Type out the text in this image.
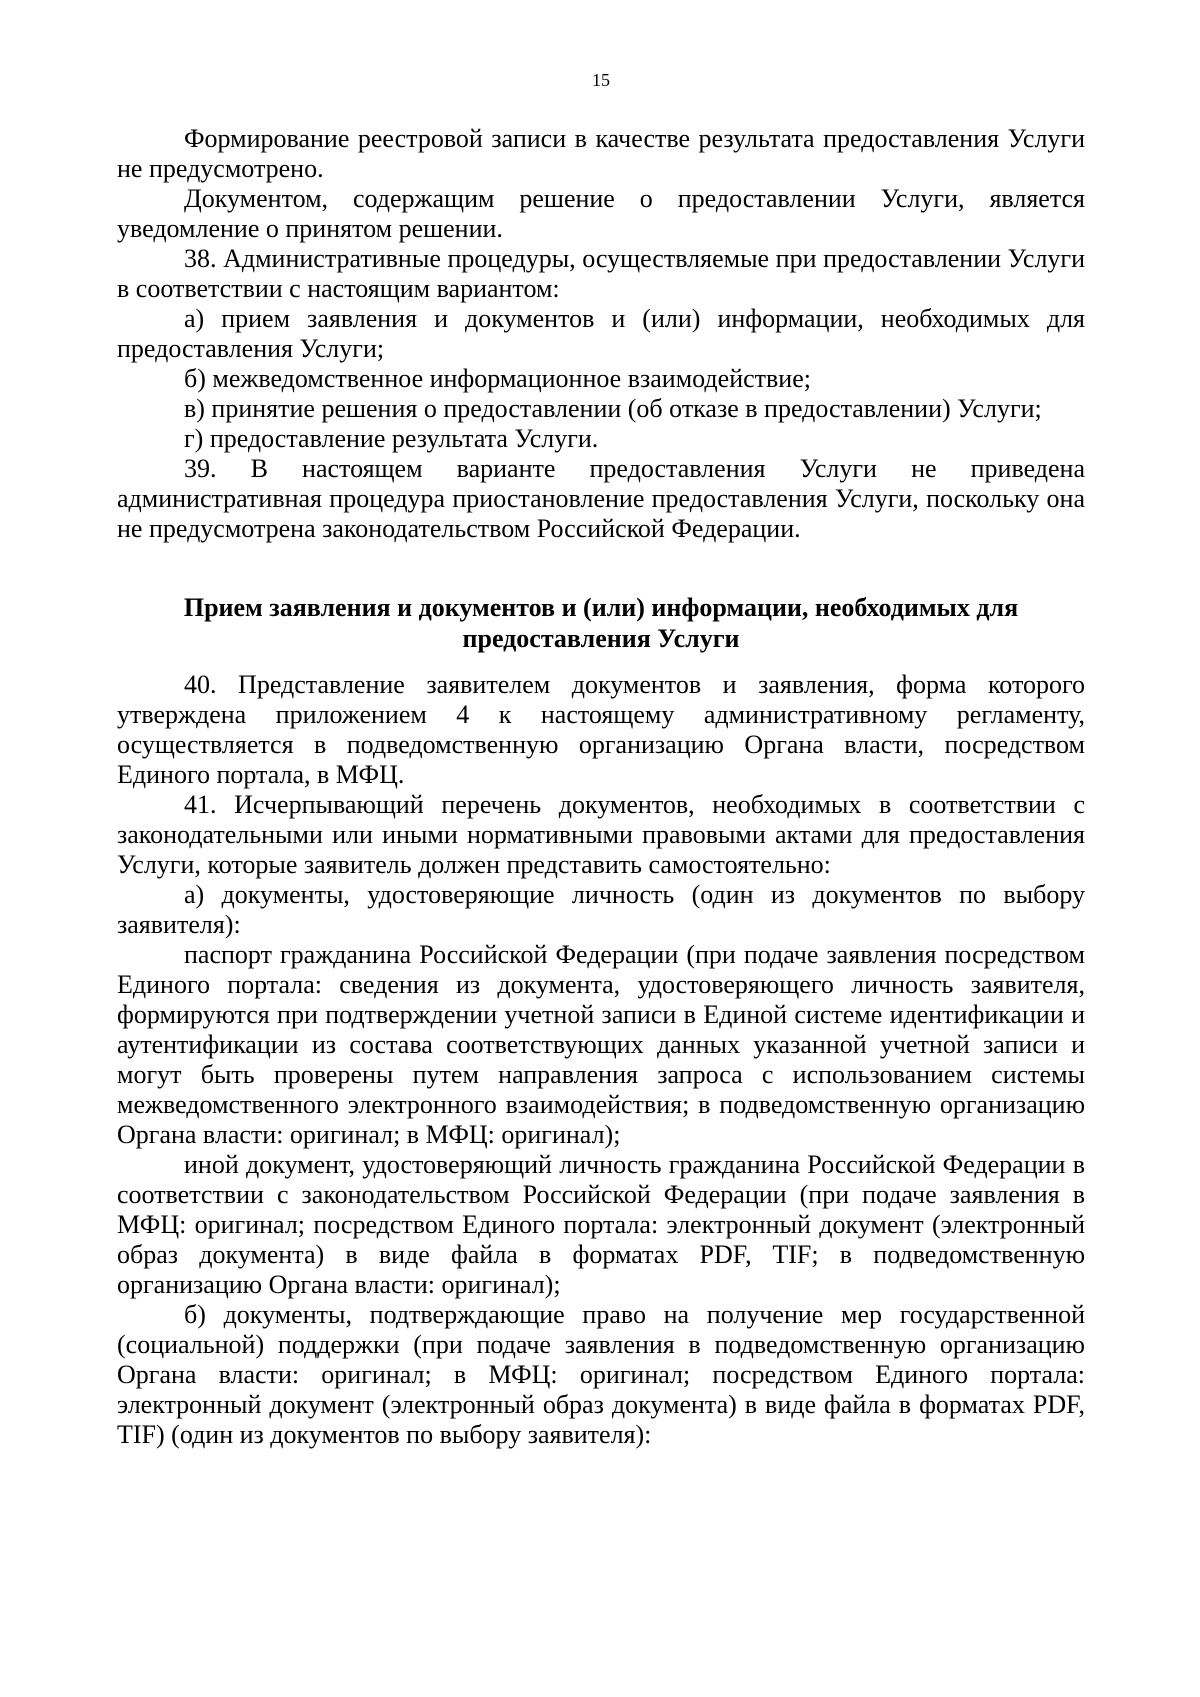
15

Формирование реестровой записи в качестве результата предоставления Услуги не предусмотрено.

Документом, содержащим решение о предоставлении Услуги, является уведомление о принятом решении.

38. Административные процедуры, осуществляемые при предоставлении Услуги в соответствии с настоящим вариантом:

а) прием заявления и документов и (или) информации, необходимых для предоставления Услуги;

б) межведомственное информационное взаимодействие;

в) принятие решения о предоставлении (об отказе в предоставлении) Услуги;

г) предоставление результата Услуги.

39. В настоящем варианте предоставления Услуги не приведена административная процедура приостановление предоставления Услуги, поскольку она не предусмотрена законодательством Российской Федерации.

Прием заявления и документов и (или) информации, необходимых для
предоставления Услуги

40. Представление заявителем документов и заявления, форма которого утверждена приложением 4 к настоящему административному регламенту, осуществляется в подведомственную организацию Органа власти, посредством Единого портала, в МФЦ.

41. Исчерпывающий перечень документов, необходимых в соответствии с законодательными или иными нормативными правовыми актами для предоставления Услуги, которые заявитель должен представить самостоятельно:

а) документы, удостоверяющие личность (один из документов по выбору заявителя):

паспорт гражданина Российской Федерации (при подаче заявления посредством Единого портала: сведения из документа, удостоверяющего личность заявителя, формируются при подтверждении учетной записи в Единой системе идентификации и аутентификации из состава соответствующих данных указанной учетной записи и могут быть проверены путем направления запроса с использованием системы межведомственного электронного взаимодействия; в подведомственную организацию Органа власти: оригинал; в МФЦ: оригинал);

иной документ, удостоверяющий личность гражданина Российской Федерации в соответствии с законодательством Российской Федерации (при подаче заявления в МФЦ: оригинал; посредством Единого портала: электронный документ (электронный образ документа) в виде файла в форматах PDF, TIF; в подведомственную организацию Органа власти: оригинал);

б) документы, подтверждающие право на получение мер государственной (социальной) поддержки (при подаче заявления в подведомственную организацию Органа власти: оригинал; в МФЦ: оригинал; посредством Единого портала: электронный документ (электронный образ документа) в виде файла в форматах PDF, TIF) (один из документов по выбору заявителя):
